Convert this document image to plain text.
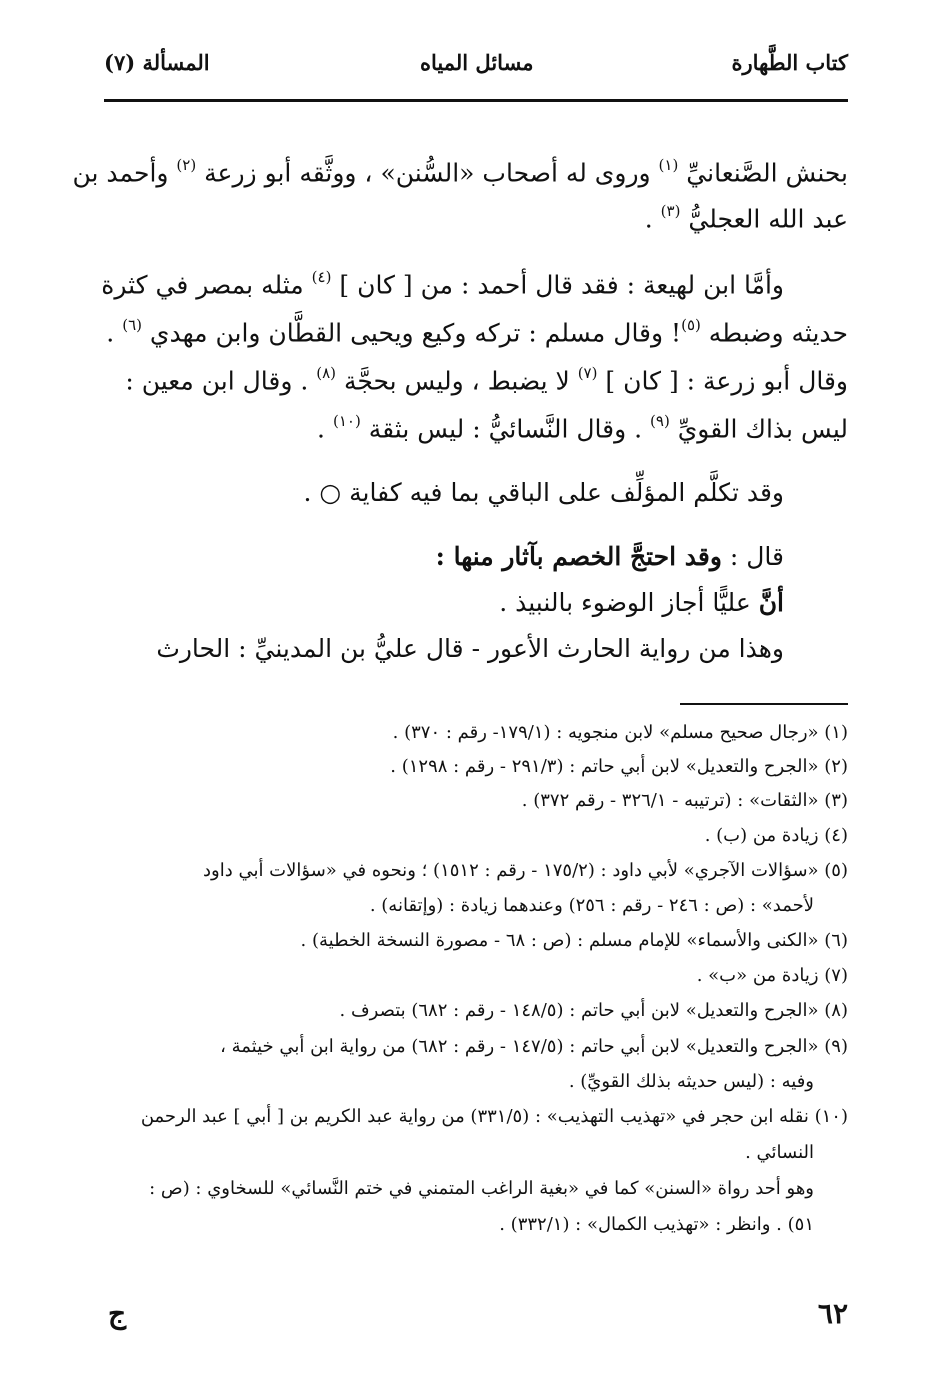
كتاب الطَّهارة
مسائل المياه
المسألة (٧)
بحنش الصَّنعانيِّ $^{(١)}$ وروى له أصحاب «السُّنن» ، ووثَّقه أبو زرعة $^{(٢)}$ وأحمد بن
عبد الله العجليُّ $^{(٣)}$ .
وأمَّا ابن لهيعة : فقد قال أحمد : من [ كان ] $^{(٤)}$ مثله بمصر في كثرة
حديثه وضبطه $^{(٥)}$! وقال مسلم : تركه وكيع ويحيى القطَّان وابن مهدي $^{(٦)}$ .
وقال أبو زرعة : [ كان ] $^{(٧)}$ لا يضبط ، وليس بحجَّة $^{(٨)}$ . وقال ابن معين :
ليس بذاك القويِّ $^{(٩)}$ . وقال النَّسائيُّ : ليس بثقة $^{(١٠)}$ .
وقد تكلَّم المؤلِّف على الباقي بما فيه كفاية ○ .
قال : وقد احتجَّ الخصم بآثار منها :
أنَّ عليًّا أجاز الوضوء بالنبيذ .
وهذا من رواية الحارث الأعور - قال عليُّ بن المدينيِّ : الحارث
(١) «رجال صحيح مسلم» لابن منجويه : (١٧٩/١- رقم : ٣٧٠) .
(٢) «الجرح والتعديل» لابن أبي حاتم : (٢٩١/٣ - رقم : ١٢٩٨) .
(٣) «الثقات» : (ترتيبه - ٣٢٦/١ - رقم ٣٧٢) .
(٤) زيادة من (ب) .
(٥) «سؤالات الآجري» لأبي داود : (١٧٥/٢ - رقم : ١٥١٢) ؛ ونحوه في «سؤالات أبي داود
لأحمد» : (ص : ٢٤٦ - رقم : ٢٥٦) وعندهما زيادة : (وإتقانه) .
(٦) «الكنى والأسماء» للإمام مسلم : (ص : ٦٨ - مصورة النسخة الخطية) .
(٧) زيادة من «ب» .
(٨) «الجرح والتعديل» لابن أبي حاتم : (١٤٨/٥ - رقم : ٦٨٢) بتصرف .
(٩) «الجرح والتعديل» لابن أبي حاتم : (١٤٧/٥ - رقم : ٦٨٢) من رواية ابن أبي خيثمة ،
وفيه : (ليس حديثه بذلك القويِّ) .
(١٠) نقله ابن حجر في «تهذيب التهذيب» : (٣٣١/٥) من رواية عبد الكريم بن [ أبي ] عبد الرحمن
النسائي .
وهو أحد رواة «السنن» كما في «بغية الراغب المتمني في ختم النَّسائي» للسخاوي : (ص :
٥١) . وانظر : «تهذيب الكمال» : (٣٣٢/١) .
٦٢
ج
